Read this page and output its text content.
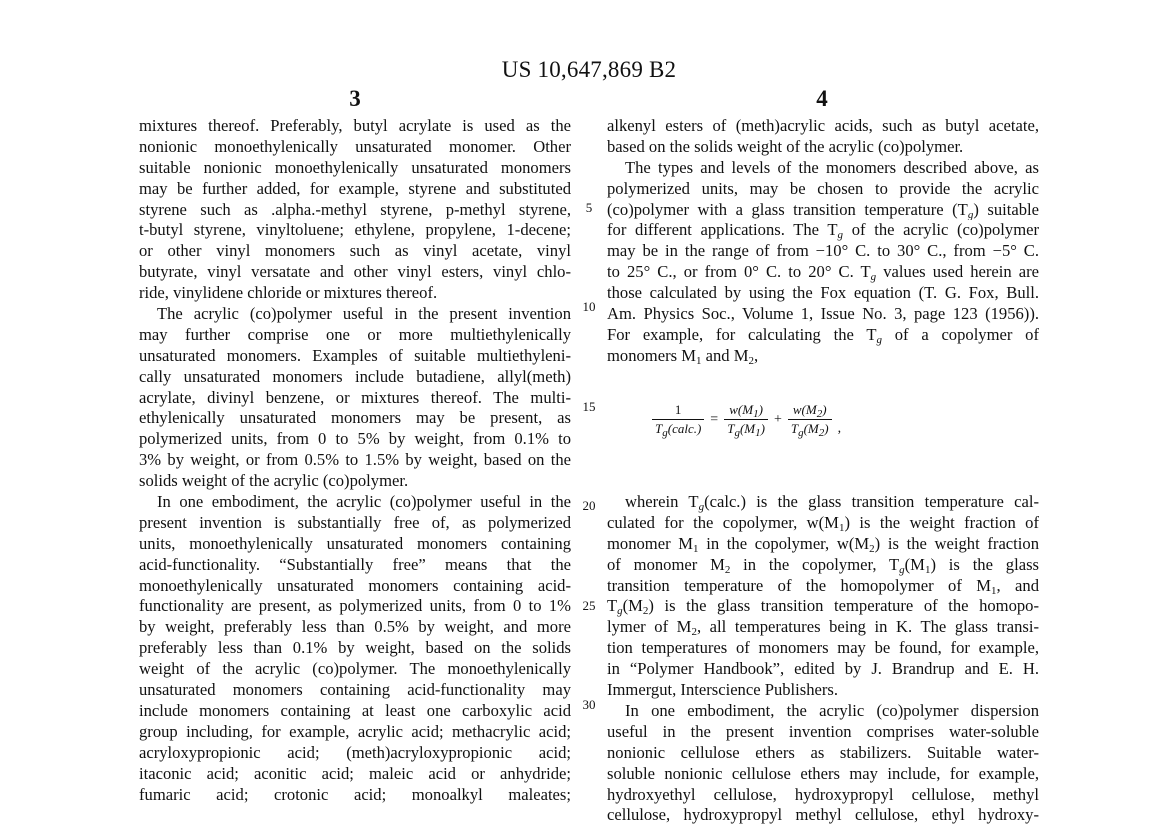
US 10,647,869 B2
3	4
5
10
15
20
25
30
mixtures thereof. Preferably, butyl acrylate is used as the
nonionic monoethylenically unsaturated monomer. Other
suitable nonionic monoethylenically unsaturated monomers
may be further added, for example, styrene and substituted
styrene such as .alpha.-methyl styrene, p-methyl styrene,
t-butyl styrene, vinyltoluene; ethylene, propylene, 1-decene;
or other vinyl monomers such as vinyl acetate, vinyl
butyrate, vinyl versatate and other vinyl esters, vinyl chlo-
ride, vinylidene chloride or mixtures thereof.
The acrylic (co)polymer useful in the present invention
may further comprise one or more multiethylenically
unsaturated monomers. Examples of suitable multiethyleni-
cally unsaturated monomers include butadiene, allyl(meth)
acrylate, divinyl benzene, or mixtures thereof. The multi-
ethylenically unsaturated monomers may be present, as
polymerized units, from 0 to 5% by weight, from 0.1% to
3% by weight, or from 0.5% to 1.5% by weight, based on the
solids weight of the acrylic (co)polymer.
In one embodiment, the acrylic (co)polymer useful in the
present invention is substantially free of, as polymerized
units, monoethylenically unsaturated monomers containing
acid-functionality. “Substantially free” means that the
monoethylenically unsaturated monomers containing acid-
functionality are present, as polymerized units, from 0 to 1%
by weight, preferably less than 0.5% by weight, and more
preferably less than 0.1% by weight, based on the solids
weight of the acrylic (co)polymer. The monoethylenically
unsaturated monomers containing acid-functionality may
include monomers containing at least one carboxylic acid
group including, for example, acrylic acid; methacrylic acid;
acryloxypropionic acid; (meth)acryloxypropionic acid;
itaconic acid; aconitic acid; maleic acid or anhydride;
fumaric acid; crotonic acid; monoalkyl maleates;
alkenyl esters of (meth)acrylic acids, such as butyl acetate,
based on the solids weight of the acrylic (co)polymer.
The types and levels of the monomers described above, as
polymerized units, may be chosen to provide the acrylic
(co)polymer with a glass transition temperature $(T_g)$ suitable
for different applications. The $T_g$ of the acrylic (co)polymer
may be in the range of from −10° C. to 30° C., from −5° C.
to 25° C., or from 0° C. to 20° C. $T_g$ values used herein are
those calculated by using the Fox equation (T. G. Fox, Bull.
Am. Physics Soc., Volume 1, Issue No. 3, page 123 (1956)).
For example, for calculating the $T_g$ of a copolymer of
monomers $M_1$ and $M_2$,
wherein $T_g(calc.)$ is the glass transition temperature cal-
culated for the copolymer, $w(M_1)$ is the weight fraction of
monomer $M_1$ in the copolymer, $w(M_2)$ is the weight fraction
of monomer $M_2$ in the copolymer, $T_g(M_1)$ is the glass
transition temperature of the homopolymer of $M_1$, and
$T_g(M_2)$ is the glass transition temperature of the homopo-
lymer of $M_2$, all temperatures being in K. The glass transi-
tion temperatures of monomers may be found, for example,
in “Polymer Handbook”, edited by J. Brandrup and E. H.
Immergut, Interscience Publishers.
In one embodiment, the acrylic (co)polymer dispersion
useful in the present invention comprises water-soluble
nonionic cellulose ethers as stabilizers. Suitable water-
soluble nonionic cellulose ethers may include, for example,
hydroxyethyl cellulose, hydroxypropyl cellulose, methyl
cellulose, hydroxypropyl methyl cellulose, ethyl hydroxy-
$\frac{1}{T_g(calc.)} = \frac{w(M_1)}{T_g(M_1)} + \frac{w(M_2)}{T_g(M_2)}$ ,
